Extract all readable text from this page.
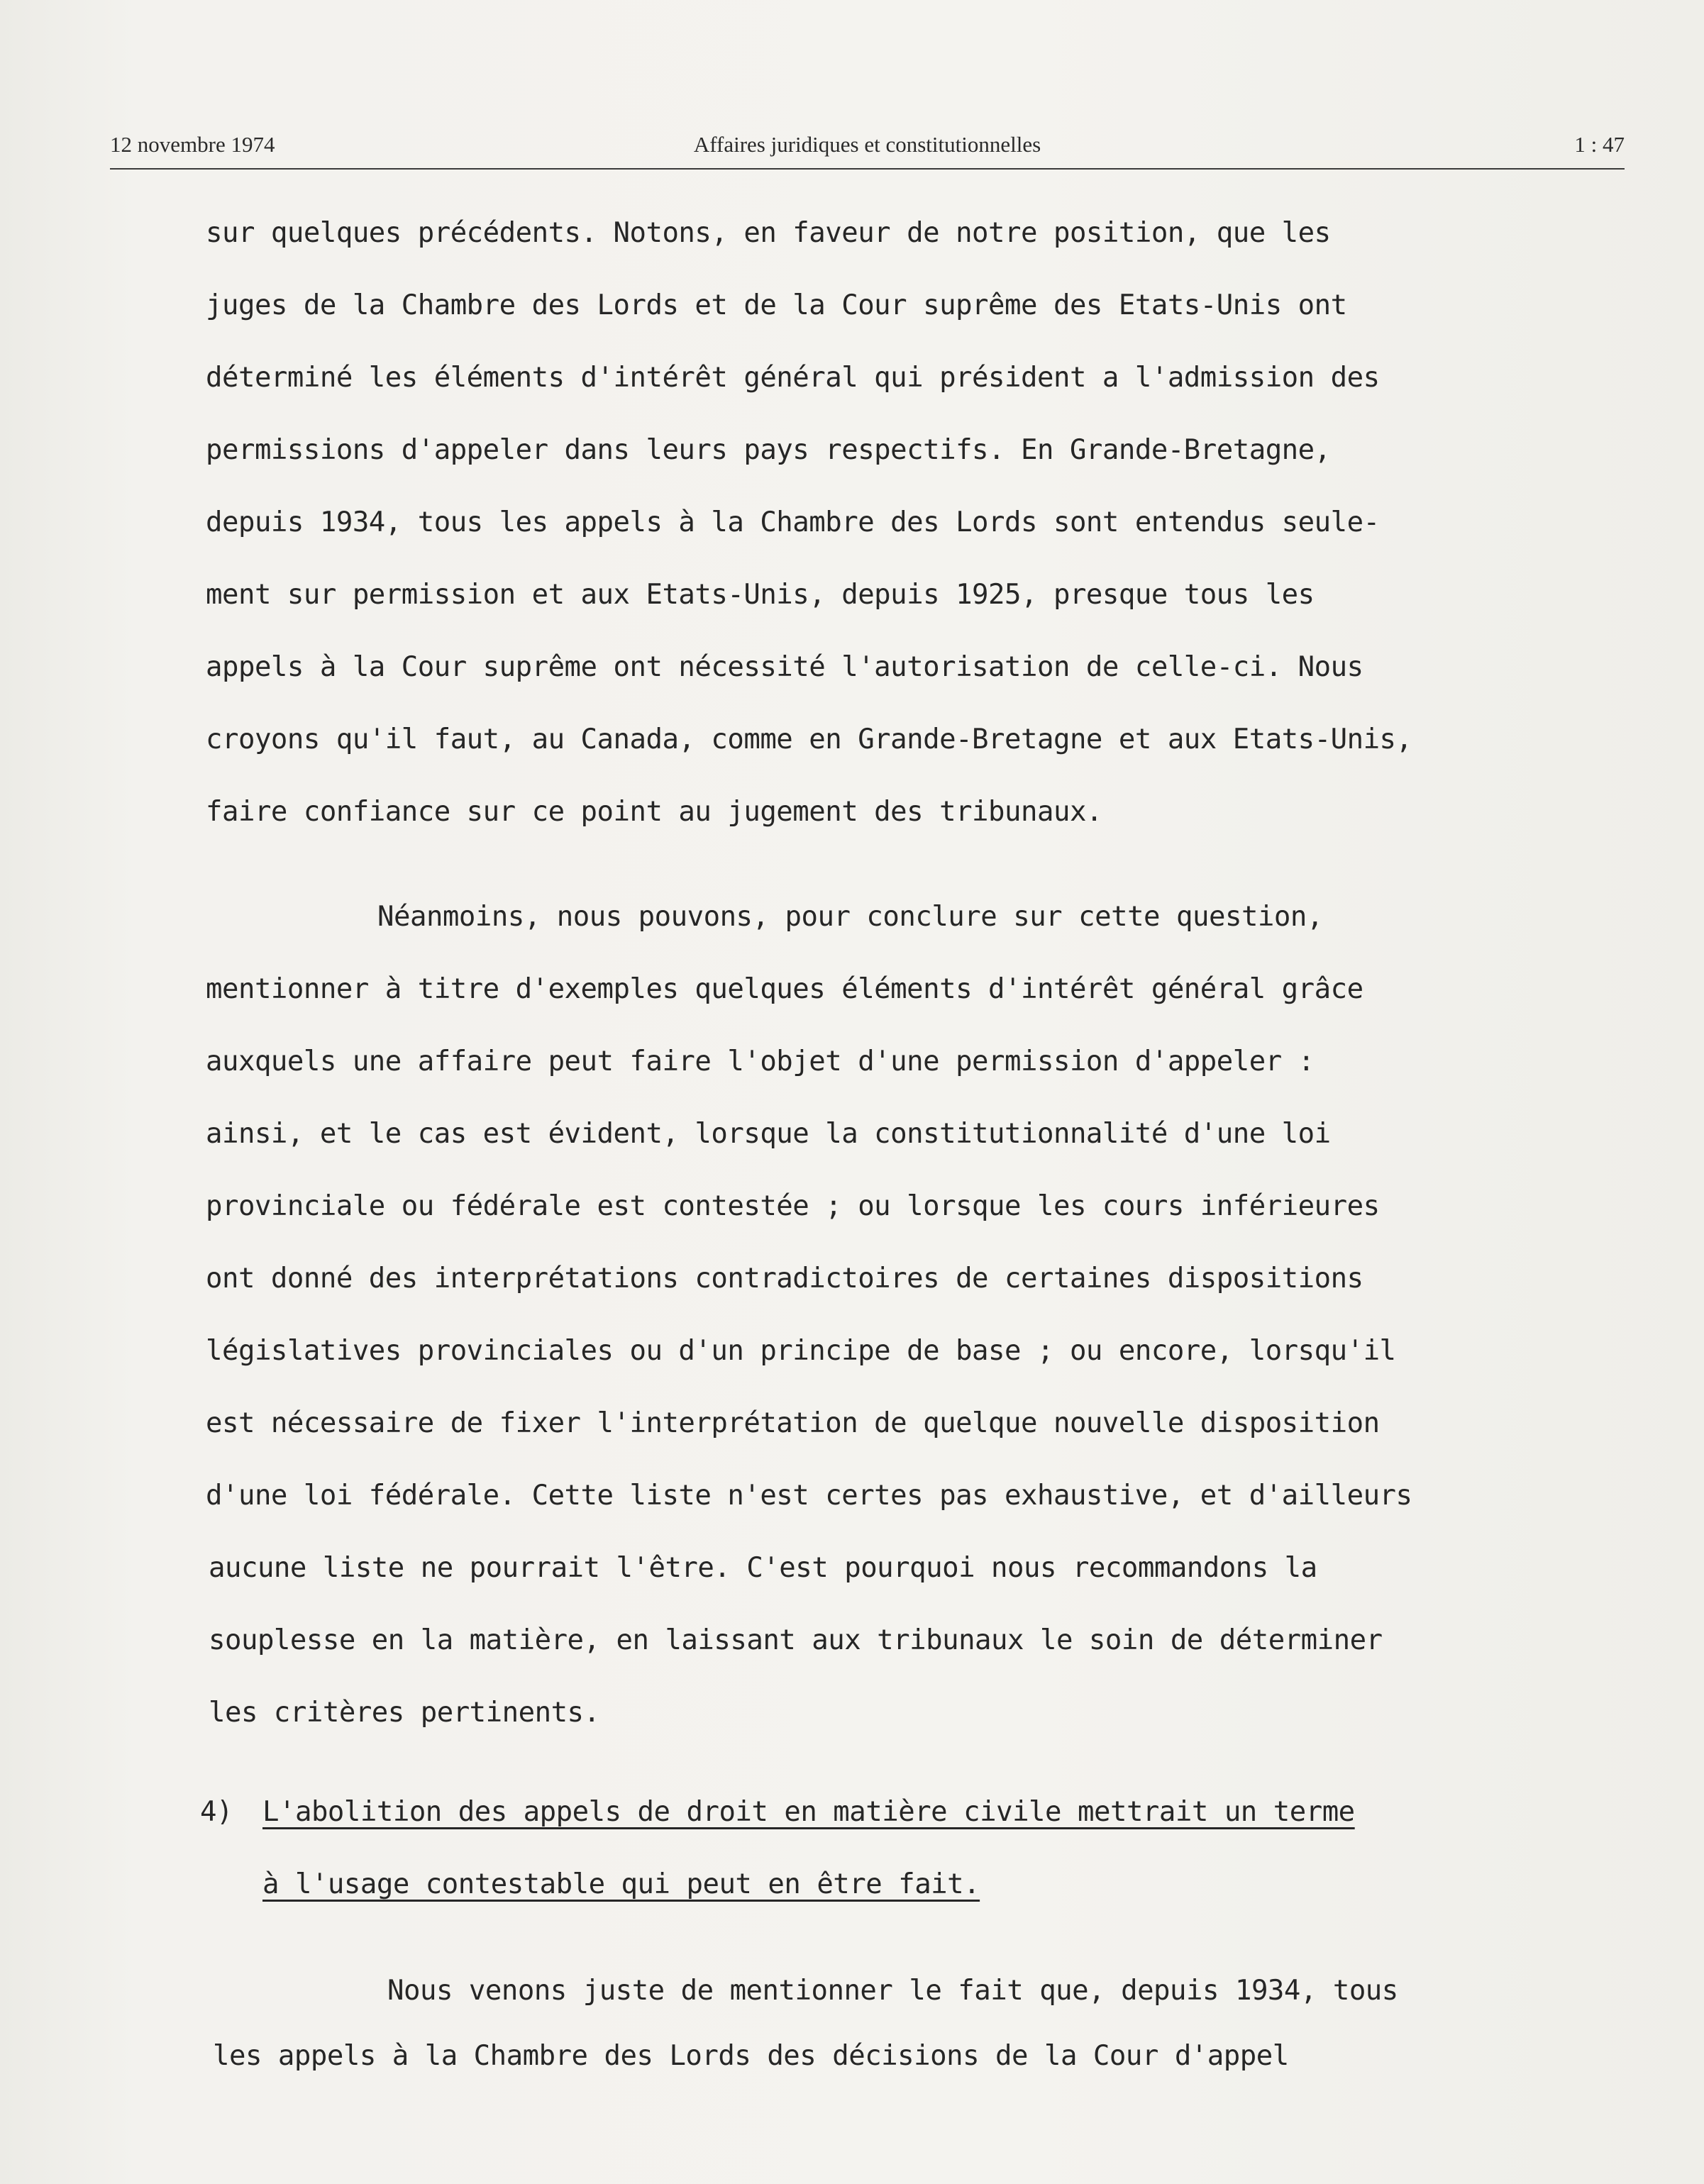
Affaires juridiques et constitutionnelles
12 novembre 1974	1 : 47
sur quelques précédents. Notons, en faveur de notre position, que les
juges de la Chambre des Lords et de la Cour suprême des Etats-Unis ont
déterminé les éléments d'intérêt général qui président a l'admission des
permissions d'appeler dans leurs pays respectifs. En Grande-Bretagne,
depuis 1934, tous les appels à la Chambre des Lords sont entendus seule-
ment sur permission et aux Etats-Unis, depuis 1925, presque tous les
appels à la Cour suprême ont nécessité l'autorisation de celle-ci. Nous
croyons qu'il faut, au Canada, comme en Grande-Bretagne et aux Etats-Unis,
faire confiance sur ce point au jugement des tribunaux.
Néanmoins, nous pouvons, pour conclure sur cette question,
mentionner à titre d'exemples quelques éléments d'intérêt général grâce
auxquels une affaire peut faire l'objet d'une permission d'appeler :
ainsi, et le cas est évident, lorsque la constitutionnalité d'une loi
provinciale ou fédérale est contestée ; ou lorsque les cours inférieures
ont donné des interprétations contradictoires de certaines dispositions
législatives provinciales ou d'un principe de base ; ou encore, lorsqu'il
est nécessaire de fixer l'interprétation de quelque nouvelle disposition
d'une loi fédérale. Cette liste n'est certes pas exhaustive, et d'ailleurs
aucune liste ne pourrait l'être. C'est pourquoi nous recommandons la
souplesse en la matière, en laissant aux tribunaux le soin de déterminer
les critères pertinents.
4) L'abolition des appels de droit en matière civile mettrait un terme
à l'usage contestable qui peut en être fait.
Nous venons juste de mentionner le fait que, depuis 1934, tous
les appels à la Chambre des Lords des décisions de la Cour d'appel
